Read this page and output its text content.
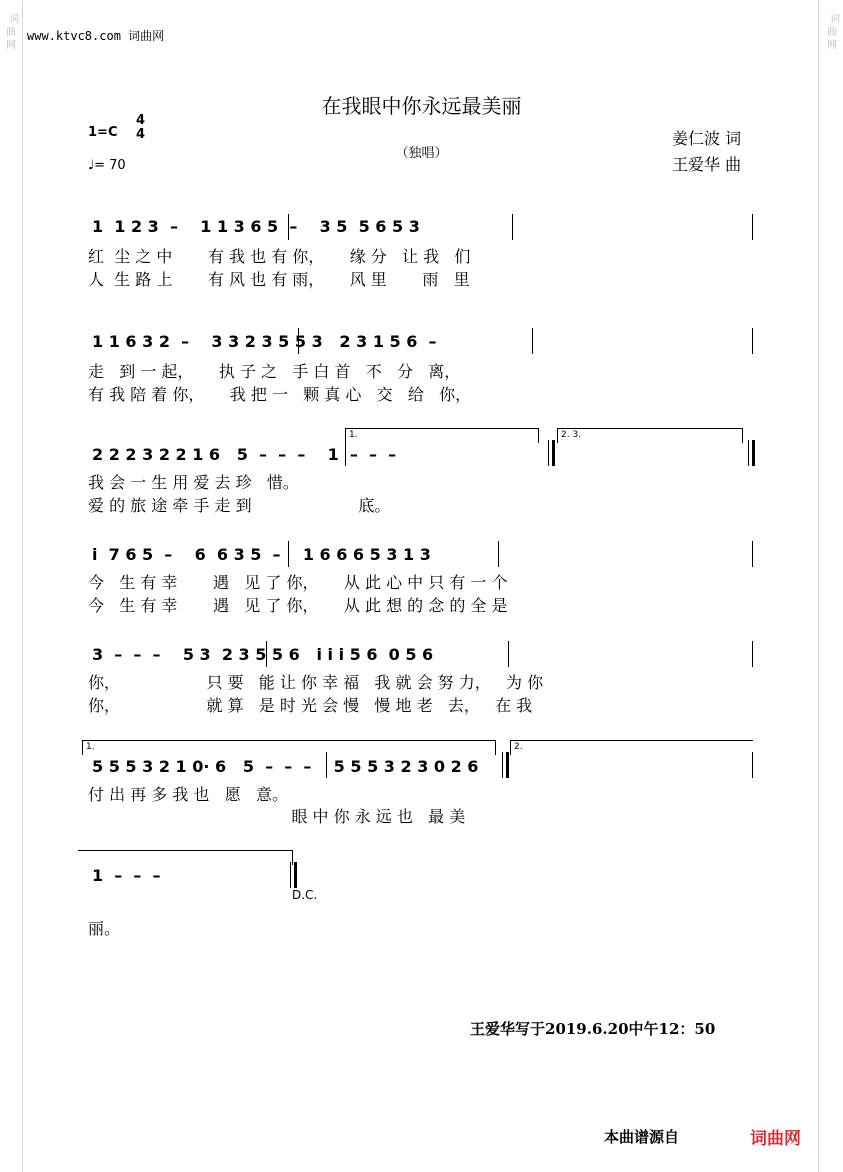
词
曲
网

词
曲
网

www.ktvc8.com 词曲网
在我眼中你永远最美丽
（独唱）
1=C
4
4
♩= 70
姜仁波 词
王爱华 曲
1  1 2 3  –    1 1 3 6 5  –    3 5  5 6 5 3
红  尘 之 中       有 我 也 有 你，     缘 分   让 我   们
人  生 路 上       有 风 也 有 雨，     风 里       雨   里
1 1 6 3 2  –    3 3 2 3 5 5 3   2 3 1 5 6  –
走   到 一 起，     执 子 之   手 白 首   不   分   离，
有 我 陪 着 你，     我 把 一   颗 真 心   交   给   你，
1.	2. 3.
2 2 2 3 2 2 1 6   5  –  –  –    1  –  –  –
我 会 一 生 用 爱 去 珍   惜。
爱 的 旅 途 牵 手 走 到                     底。
i  7 6 5  –    6  6 3 5  –    1 6 6 6 5 3 1 3
今   生 有 幸       遇   见 了 你，     从 此 心 中 只 有 一 个
今   生 有 幸       遇   见 了 你，     从 此 想 的 念 的 全 是
3  –  –  –    5 3  2 3 5 5 6   i i i 5 6  0 5 6
你，                 只 要   能 让 你 幸 福   我 就 会 努 力，   为 你
你，                 就 算   是 时 光 会 慢   慢 地 老   去，   在 我
1.	2.
5 5 5 3 2 1 0· 6   5  –  –  –    5 5 5 3 2 3 0 2 6
付 出 再 多 我 也   愿   意。
眼 中 你 永 远 也   最 美
1  –  –  –
D.C.
丽。
王爱华写于2019.6.20中午12：50
本曲谱源自	词曲网
